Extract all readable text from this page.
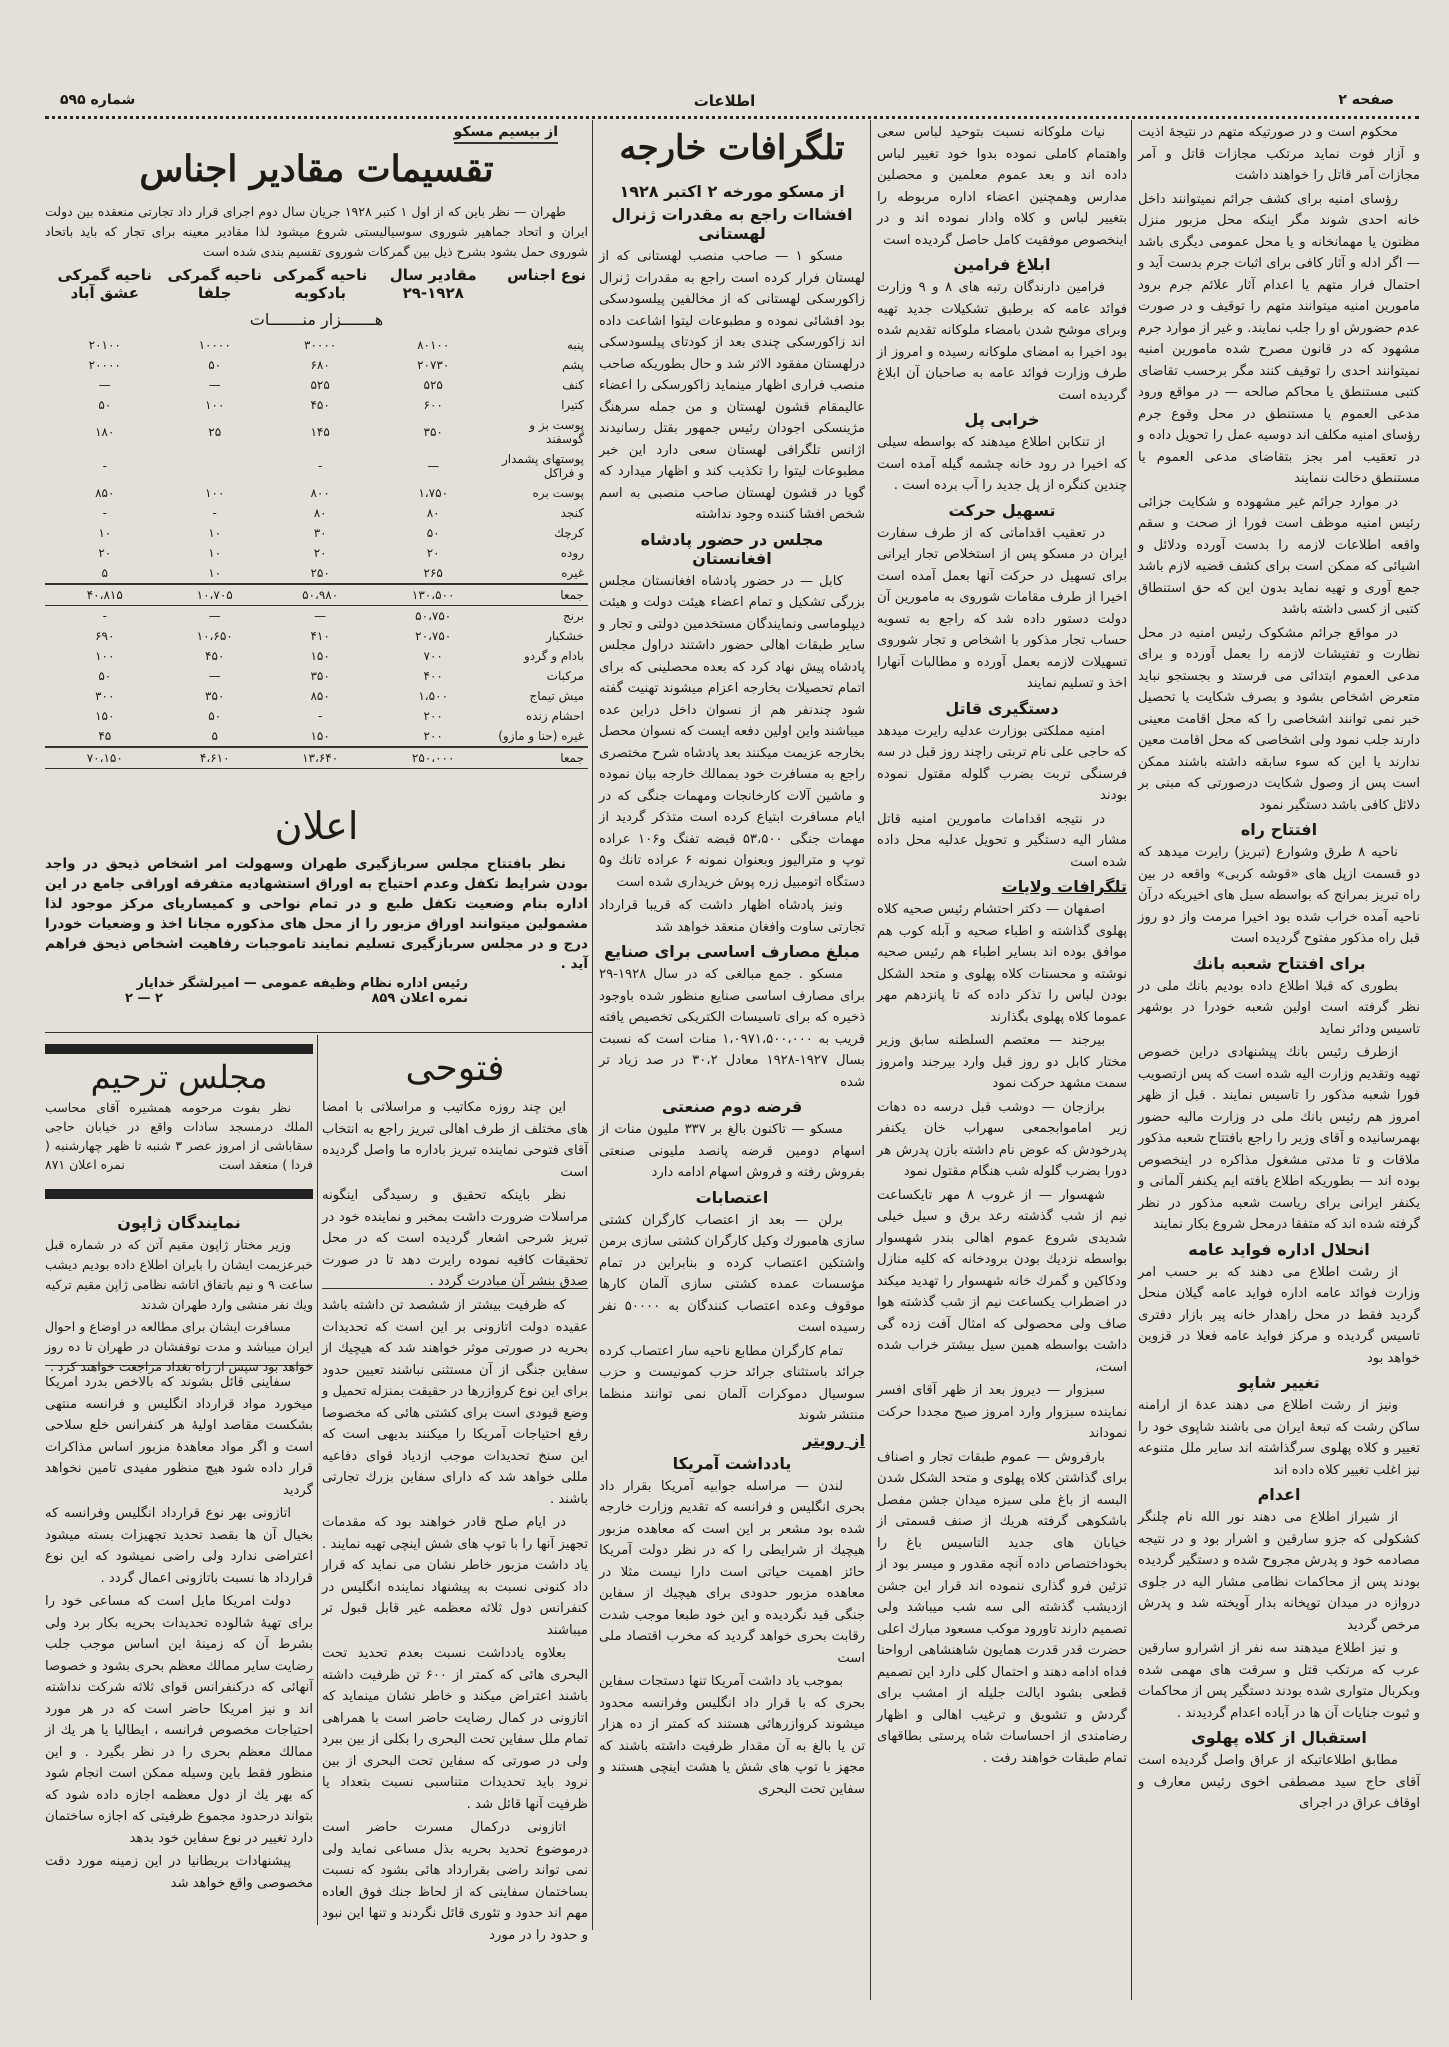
صفحه ۲
اطلاعات
شماره ۵۹۵

محکوم است و در صورتیکه متهم در نتیجهٔ اذیت و آزار فوت نماید مرتکب مجازات قاتل و آمر مجازات آمر قاتل را خواهند داشت

رؤسای امنیه برای کشف جرائم نمیتوانند داخل خانه احدی شوند مگر اینکه محل مزبور منزل مظنون یا مهمانخانه و یا محل عمومی دیگری باشد — اگر ادله و آثار کافی برای اثبات جرم بدست آید و احتمال فرار متهم یا اعدام آثار علائم جرم برود مامورین امنیه میتوانند متهم را توقیف و در صورت عدم حضورش او را جلب نمایند. و غیر از موارد جرم مشهود که در قانون مصرح شده مامورین امنیه نمیتوانند احدی را توقیف کنند مگر برحسب تقاضای کتبی مستنطق یا محاکم صالحه — در مواقع ورود مدعی العموم یا مستنطق در محل وقوع جرم رؤسای امنیه مکلف اند دوسیه عمل را تحویل داده و در تعقیب امر بجز بتقاضای مدعی العموم یا مستنطق دخالت ننمایند

در موارد جرائم غیر مشهوده و شکایت جزائی رئیس امنیه موظف است فورا از صحت و سقم واقعه اطلاعات لازمه را بدست آورده ودلائل و اشیائی که ممکن است برای کشف قضیه لازم باشد جمع آوری و تهیه نماید بدون این که حق استنطاق کتبی از کسی داشته باشد

در مواقع جرائم مشکوک رئیس امنیه در محل نظارت و تفتیشات لازمه را بعمل آورده و برای مدعی العموم ابتدائی می فرستد و بجستجو نباید متعرض اشخاص بشود و بصرف شکایت یا تحصیل خبر نمی توانند اشخاصی را که محل اقامت معینی دارند جلب نمود ولی اشخاصی که محل اقامت معین ندارند یا این که سوء سابقه داشته باشند ممکن است پس از وصول شکایت درصورتی که مبنی بر دلائل کافی باشد دستگیر نمود

افتتاح راه

ناحیه ۸ طرق وشوارع (تبریز) رایرت میدهد که دو قسمت ازپل های «قوشه کربی» واقعه در بین راه تبریز بمرانج که بواسطه سیل های اخیریکه درآن ناحیه آمده خراب شده بود اخیرا مرمت واز دو روز قبل راه مذکور مفتوح گردیده است

برای افتتاح شعبه بانك

بطوری که قبلا اطلاع داده بودیم بانك ملی در نظر گرفته است اولین شعبه خودرا در بوشهر تاسیس ودائر نماید

ازطرف رئیس بانك پیشنهادی دراین خصوص تهیه وتقدیم وزارت الیه شده است که پس ازتصویب فورا شعبه مذکور را تاسیس نمایند . قبل از ظهر امروز هم رئیس بانك ملی در وزارت مالیه حضور بهمرسانیده و آقای وزیر را راجع بافتتاح شعبه مذکور ملاقات و تا مدتی مشغول مذاکره در اینخصوص بوده اند — بطوریکه اطلاع یافته ایم یکنفر آلمانی و یکنفر ایرانی برای ریاست شعبه مذکور در نظر گرفته شده اند که متفقا درمحل شروع بکار نمایند

انحلال اداره فواید عامه

از رشت اطلاع می دهند که بر حسب امر وزارت فوائد عامه اداره فواید عامه گیلان منحل گردید فقط در محل راهدار خانه پیر بازار دفتری تاسیس گردیده و مرکز فواید عامه فعلا در قزوین خواهد بود

تغییر شاپو

ونیز از رشت اطلاع می دهند عدهٔ از ارامنه ساکن رشت که تبعهٔ ایران می باشند شاپوی خود را تغییر و کلاه پهلوی سرگذاشته اند سایر ملل متنوعه نیز اغلب تغییر کلاه داده اند

اعدام

از شیراز اطلاع می دهند نور الله نام چلنگر کشکولی که جزو سارقین و اشرار بود و در نتیجه مصادمه خود و پدرش مجروح شده و دستگیر گردیده بودند پس از محاکمات نظامی مشار الیه در جلوی دروازه در میدان توپخانه بدار آویخته شد و پدرش مرخص گردید

و نیز اطلاع میدهند سه نفر از اشرارو سارقین عرب که مرتکب قتل و سرقت های مهمی شده وبکربال متواری شده بودند دستگیر پس از محاکمات و ثبوت جنایات آن ها در آباده اعدام گردیدند .

استقبال از کلاه پهلوی

مطابق اطلاعاتیکه از عراق واصل گردیده است آقای حاج سید مصطفی اخوی رئیس معارف و اوقاف عراق در اجرای

نیات ملوکانه نسبت بتوحید لباس سعی واهتمام کاملی نموده بدوا خود تغییر لباس داده اند و بعد عموم معلمین و محصلین مدارس وهمچنین اعضاء اداره مربوطه را بتغییر لباس و کلاه وادار نموده اند و در اینخصوص موفقیت کامل حاصل گردیده است

ابلاغ فرامین

فرامین دارندگان رتبه های ۸ و ۹ وزارت فوائد عامه که برطبق تشکیلات جدید تهیه وبرای موشح شدن بامضاء ملوکانه تقدیم شده بود اخیرا به امضای ملوکانه رسیده و امروز از طرف وزارت فوائد عامه به صاحبان آن ابلاغ گردیده است

خرابی پل

از تنکابن اطلاع میدهند که بواسطه سیلی که اخیرا در رود خانه چشمه گیله آمده است چندین کنگره از پل جدید را آب برده است .

تسهیل حرکت

در تعقیب اقداماتی که از طرف سفارت ایران در مسکو پس از استخلاص تجار ایرانی برای تسهیل در حرکت آنها بعمل آمده است اخیرا از طرف مقامات شوروی به مامورین آن دولت دستور داده شد که راجع به تسویه حساب تجار مذکور با اشخاص و تجار شوروی تسهیلات لازمه بعمل آورده و مطالبات آنهارا اخذ و تسلیم نمایند

دستگیری قاتل

امنیه مملکتی بوزارت عدلیه رایرت میدهد که حاجی علی نام تربتی راچند روز قبل در سه فرسنگی تربت بضرب گلوله مقتول نموده بودند

در نتیجه اقدامات مامورین امنیه قاتل مشار الیه دستگیر و تحویل عدلیه محل داده شده است

تلگرافات ولایات

اصفهان — دکتر احتشام رئیس صحیه کلاه پهلوی گذاشته و اطباء صحیه و آبله کوب هم موافق بوده اند بسایر اطباء هم رئیس صحیه نوشته و محسنات کلاه پهلوی و متحد الشکل بودن لباس را تذکر داده که تا پانزدهم مهر عموما کلاه پهلوی بگذارند

بیرجند — معتصم السلطنه سابق وزیر مختار کابل دو روز قبل وارد بیرجند وامروز سمت مشهد حرکت نمود

برازجان — دوشب قبل درسه ده دهات زیر اماموابجمعی سهراب خان یکنفر پدرخودش که عوض نام داشته بازن پدرش هر دورا بضرب گلوله شب هنگام مقتول نمود

شهسوار — از غروب ۸ مهر تایکساعت نیم از شب گذشته رعد برق و سیل خیلی شدیدی شروع عموم اهالی بندر شهسوار بواسطه نزدیك بودن برودخانه که کلیه منازل ودکاکین و گمرك خانه شهسوار را تهدید میکند در اضطراب یکساعت نیم از شب گذشته هوا صاف ولی محصولی که امثال آفت زده گی داشت بواسطه همین سیل بیشتر خراب شده است،

سبزوار — دیروز بعد از ظهر آقای افسر نماینده سبزوار وارد امروز صبح مجددا حرکت نموداند

بارفروش — عموم طبقات تجار و اصناف برای گذاشتن کلاه پهلوی و متحد الشکل شدن البسه از باغ ملی سبزه میدان جشن مفصل باشکوهی گرفته هریك از صنف قسمتی از خیابان های جدید التاسیس باغ را بخوداختصاص داده آنچه مقدور و میسر بود از تزئین فرو گذاری ننموده اند قرار این جشن ازدیشب گذشته الی سه شب میباشد ولی تصمیم دارند تاورود موکب مسعود مبارك اعلی حضرت قدر قدرت همایون شاهنشاهی ارواحنا فداه ادامه دهند و احتمال کلی دارد این تصمیم قطعی بشود ایالت جلیله از امشب برای گردش و تشویق و ترغیب اهالی و اظهار رضامندی از احساسات شاه پرستی بطاقهای تمام طبقات خواهند رفت .

تلگرافات خارجه
از مسکو مورخه ۲ اکتبر ۱۹۲۸
افشاات راجع به مقدرات ژنرال لهستانی

مسکو ۱ — صاحب منصب لهستانی که از لهستان فرار کرده است راجع به مقدرات ژنرال زاکورسکی لهستانی که از مخالفین پیلسودسکی بود افشائی نموده و مطبوعات لیتوا اشاعت داده اند زاکورسکی چندی بعد از کودتای پیلسودسکی درلهستان مفقود الاثر شد و حال بطوریکه صاحب منصب فراری اظهار مینماید زاکورسکی را اعضاء عالیمقام قشون لهستان و من جمله سرهنگ مژینسکی اجودان رئیس جمهور بقتل رسانیدند اژانس تلگرافی لهستان سعی دارد این خبر مطبوعات لیتوا را تکذیب کند و اظهار میدارد که گویا در قشون لهستان صاحب منصبی به اسم شخص افشا کننده وجود نداشته

مجلس در حضور پادشاه افغانستان

کابل — در حضور پادشاه افغانستان مجلس بزرگی تشکیل و تمام اعضاء هیئت دولت و هیئت دیپلوماسی ونمایندگان مستخدمین دولتی و تجار و سایر طبقات اهالی حضور داشتند دراول مجلس پادشاه پیش نهاد کرد که بعده محصلینی که برای اتمام تحصیلات بخارجه اعزام میشوند تهنیت گفته شود چندنفر هم از نسوان داخل دراین عده میباشند واین اولین دفعه ایست که نسوان محصل بخارجه عزیمت میکنند بعد پادشاه شرح مختصری راجع به مسافرت خود بممالك خارجه بیان نموده و ماشین آلات کارخانجات ومهمات جنگی که در ایام مسافرت ابتیاع کرده است متذکر گردید از مهمات جنگی ۵۳،۵۰۰ قبضه تفنگ و۱۰۶ عراده توپ و مترالیوز وبعنوان نمونه ۶ عراده تانك و۵ دستگاه اتومبیل زره پوش خریداری شده است

ونیز پادشاه اظهار داشت که قریبا قرارداد تجارتی ساوت وافغان منعقد خواهد شد

مبلغ مصارف اساسی برای صنایع

مسکو . جمع مبالغی که در سال ۱۹۲۸-۲۹ برای مصارف اساسی صنایع منظور شده باوجود ذخیره که برای تاسیسات الکتریکی تخصیص یافته قریب به ۱،۰۹۷۱،۵۰۰،۰۰۰ منات است که نسبت بسال ۱۹۲۷-۱۹۲۸ معادل ۳۰،۲ در صد زیاد تر شده

قرضه دوم صنعتی

مسکو — تاکنون بالغ بر ۳۳۷ ملیون منات از اسهام دومین قرضه پانصد ملیونی صنعتی بفروش رفته و فروش اسهام ادامه دارد

اعتصابات

برلن — بعد از اعتصاب کارگران کشتی سازی هامبورك وکیل کارگران کشتی سازی برمن واشتکین اعتصاب کرده و بنابراین در تمام مؤسسات عمده کشتی سازی آلمان کارها موقوف وعده اعتصاب کنندگان به ۵۰۰۰۰ نفر رسیده است

تمام کارگران مطابع ناحیه سار اعتصاب کرده جرائد باستثنای جرائد حزب کمونیست و حزب سوسیال دموکرات آلمان نمی توانند منظما منتشر شوند

از رویتر
یادداشت آمریکا

لندن — مراسله جوابیه آمریکا بقرار داد بحری انگلیس و فرانسه که تقدیم وزارت خارجه شده بود مشعر بر این است که معاهده مزبور هیچیك از شرایطی را که در نظر دولت آمریکا حائز اهمیت حیاتی است دارا نیست مثلا در معاهده مزبور حدودی برای هیچیك از سفاین جنگی قید نگردیده و این خود طبعا موجب شدت رقابت بحری خواهد گردید که مخرب اقتصاد ملی است

بموجب یاد داشت آمریکا تنها دستجات سفاین بحری که با قرار داد انگلیس وفرانسه محدود میشوند کروازرهائی هستند که کمتر از ده هزار تن یا بالغ به آن مقدار ظرفیت داشته باشند که مجهز با توپ های شش یا هشت اینچی هستند و سفاین تحت البحری

از بیسیم مسکو
تقسیمات مقادیر اجناس

طهران — نظر باین که از اول ۱ کتبر ۱۹۲۸ جریان سال دوم اجرای قرار داد تجارتی منعقده بین دولت ایران و اتحاد جماهیر شوروی سوسیالیستی شروع میشود لذا مقادیر معینه برای تجار که باید باتحاد شوروی حمل بشود بشرح ذیل بین گمرکات شوروی تقسیم بندی شده است

نوع اجناس	مقادیر سال ۱۹۲۸-۲۹	ناحیه گمرکی بادکوبه	ناحیه گمرکی جلفا	ناحیه گمرکی عشق آباد
هـــــــزار منـــــــات				
پنبه	۸۰۱۰۰	۳۰۰۰۰	۱۰۰۰۰	۲۰۱۰۰
پشم	۲۰۷۳۰	۶۸۰	۵۰	۲۰۰۰۰
کنف	۵۲۵	۵۲۵	—	—
کتیرا	۶۰۰	۴۵۰	۱۰۰	۵۰
پوست بز و گوسفند	۳۵۰	۱۴۵	۲۵	۱۸۰
پوستهای پشمدار و فراکل	—	-		-
پوست بره	۱،۷۵۰	۸۰۰	۱۰۰	۸۵۰
کنجد	۸۰	۸۰	-	-
کرچك	۵۰	۳۰	۱۰	۱۰
روده	۲۰	۲۰	۱۰	۲۰
غیره	۲۶۵	۲۵۰	۱۰	۵
جمعا	۱۳۰،۵۰۰	۵۰،۹۸۰	۱۰،۷۰۵	۴۰،۸۱۵
برنج	۵۰،۷۵۰	—	—	-
خشکبار	۲۰،۷۵۰	۴۱۰	۱۰،۶۵۰	۶۹۰
بادام و گردو	۷۰۰	۱۵۰	۴۵۰	۱۰۰
مرکبات	۴۰۰	۳۵۰	—	۵۰
میش تیماج	۱،۵۰۰	۸۵۰	۳۵۰	۳۰۰
احشام زنده	۲۰۰	-	۵۰	۱۵۰
غیره (حنا و مازو)	۲۰۰	۱۵۰	۵	۴۵
جمعا	۲۵۰،۰۰۰	۱۳،۶۴۰	۴،۶۱۰	۷۰،۱۵۰
اعلان

نظر بافتتاح مجلس سربازگیری طهران وسهولت امر اشخاص ذیحق در واجد بودن شرایط تکفل وعدم احتیاج به اوراق استشهادیه متفرقه اوراقی جامع در این اداره بنام وضعیت تکفل طبع و در تمام نواحی و کمیساریای مرکز موجود لذا مشمولین میتوانند اوراق مزبور را از محل های مذکوره مجانا اخذ و وضعیات خودرا درج و در مجلس سربازگیری تسلیم نمایند تاموجبات رفاهیت اشخاص ذیحق فراهم آید .

رئیس اداره نظام وظیفه عمومی — امیرلشگر خدایار
نمره اعلان ۸۵۹
۲ — ۲
فتوحی

این چند روزه مکاتیب و مراسلاتی با امضا های مختلف از طرف اهالی تبریز راجع به انتخاب آقای فتوحی نماینده تبریز باداره ما واصل گردیده است

نظر باینکه تحقیق و رسیدگی اینگونه مراسلات ضرورت داشت بمخبر و نماینده خود در تبریز شرحی اشعار گردیده است که در محل تحقیقات کافیه نموده رایرت دهد تا در صورت صدق بنشر آن مبادرت گردد .

که ظرفیت بیشتر از ششصد تن داشته باشد عقیده دولت اتازونی بر این است که تحدیدات بحریه در صورتی موثر خواهند شد که هیچیك از سفاین جنگی از آن مستثنی نباشند تعیین حدود برای این نوع کروازرها در حقیقت بمنزله تحمیل و وضع قیودی است برای کشتی هائی که مخصوصا رفع احتیاجات آمریکا را میکنند بدیهی است که این سنخ تحدیدات موجب ازدیاد قوای دفاعیه مللی خواهد شد که دارای سفاین بزرك تجارتی باشند .

در ایام صلح قادر خواهند بود که مقدمات تجهیز آنها را با توپ های شش اینچی تهیه نمایند . یاد داشت مزبور خاطر نشان می نماید که قرار داد کنونی نسبت به پیشنهاد نماینده انگلیس در کنفرانس دول ثلاثه معظمه غیر قابل قبول تر میباشند

بعلاوه یادداشت نسبت بعدم تحدید تحت البحری هائی که کمتر از ۶۰۰ تن ظرفیت داشته باشند اعتراض میکند و خاطر نشان مینماید که اتازونی در کمال رضایت حاضر است با همراهی تمام ملل سفاین تحت البحری را بکلی از بین ببرد ولی در صورتی که سفاین تحت البحری از بین نرود باید تحدیدات متناسبی نسبت بتعداد یا ظرفیت آنها قائل شد .

اتازونی درکمال مسرت حاضر است درموضوع تحدید بحریه بذل مساعی نماید ولی نمی تواند راضی بقرارداد هائی بشود که نسبت بساختمان سفاینی که از لحاظ جنك فوق العاده مهم اند حدود و تئوری قائل نگردند و تنها این نبود و حدود را در مورد

مجلس ترحیم

نظر بفوت مرحومه همشیره آقای محاسب الملك درمسجد سادات واقع در خیابان حاجی سقاباشی از امروز عصر ۳ شنبه تا ظهر چهارشنبه ( فردا ) منعقد است

نمره اعلان ۸۷۱
نمایندگان ژاپون

وزیر مختار ژاپون مقیم آتن که در شماره قبل خبرعزیمت ایشان را بایران اطلاع داده بودیم دیشب ساعت ۹ و نیم باتفاق اتاشه نظامی ژاپن مقیم ترکیه ویك نفر منشی وارد طهران شدند

مسافرت ایشان برای مطالعه در اوضاع و احوال ایران میباشد و مدت توقفشان در طهران تا ده روز خواهد بود سپس از راه بغداد مراجعت خواهند کرد .

سفاینی قائل بشوند که بالاخص بدرد امریکا میخورد مواد قرارداد انگلیس و فرانسه منتهی بشکست مقاصد اولیهٔ هر کنفرانس خلع سلاحی است و اگر مواد معاهدهٔ مزبور اساس مذاکرات قرار داده شود هیچ منظور مفیدی تامین نخواهد گردید

اتازونی بهر نوع قرارداد انگلیس وفرانسه که بخیال آن ها بقصد تحدید تجهیزات بسته میشود اعتراضی ندارد ولی راضی نمیشود که این نوع قرارداد ها نسبت باتازونی اعمال گردد .

دولت امریکا مایل است که مساعی خود را برای تهیهٔ شالوده تحدیدات بحریه بکار برد ولی بشرط آن که زمینهٔ این اساس موجب جلب رضایت سایر ممالك معظم بحری بشود و خصوصا آنهائی که درکنفرانس قوای ثلاثه شرکت نداشته اند و نیز امریکا حاضر است که در هر مورد احتیاجات مخصوص فرانسه ، ایطالیا یا هر یك از ممالك معظم بحری را در نظر بگیرد . و این منظور فقط باین وسیله ممکن است انجام شود که بهر یك از دول معظمه اجازه داده شود که بتواند درحدود مجموع ظرفیتی که اجازه ساختمان دارد تغییر در نوع سفاین خود بدهد

پیشنهادات بریطانیا در این زمینه مورد دقت مخصوصی واقع خواهد شد
